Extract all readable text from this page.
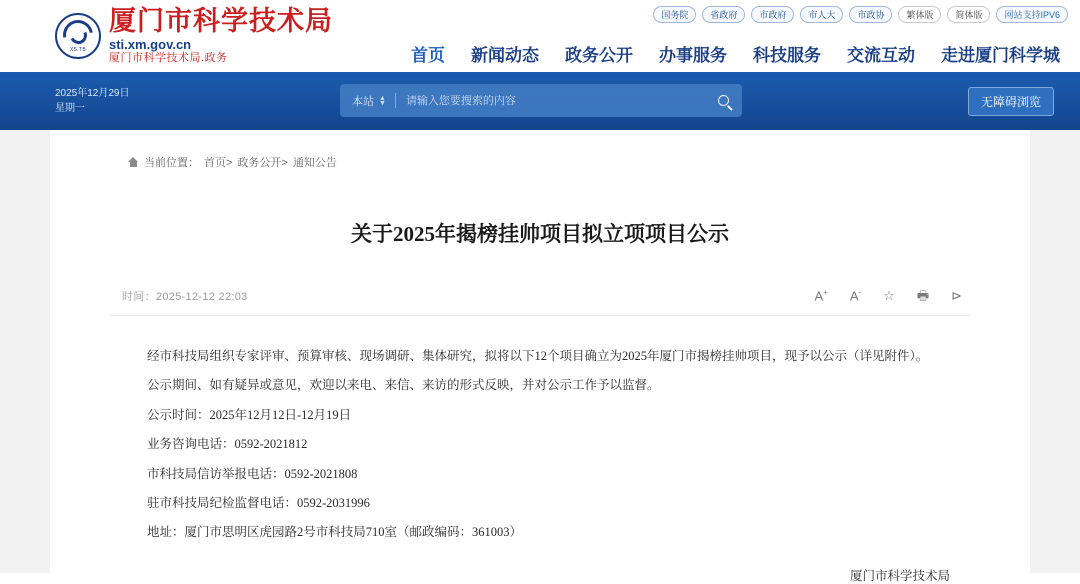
XS.TB
厦门市科学技术局
sti.xm.gov.cn
厦门市科学技术局.政务
国务院	省政府	市政府	市人大	市政协	繁体版	简体版	网站支持IPV6
首页 新闻动态 政务公开 办事服务 科技服务 交流互动 走进厦门科学城
2025年12月29日
星期一
本站 ▲
▼
请输入您要搜索的内容	无障碍浏览
当前位置： 首页> 政务公开> 通知公告
关于2025年揭榜挂帅项目拟立项项目公示
时间：2025-12-12 22:03	A+ A- ☆ 🖶 ⊳

经市科技局组织专家评审、预算审核、现场调研、集体研究，拟将以下12个项目确立为2025年厦门市揭榜挂帅项目，现予以公示（详见附件）。

公示期间、如有疑异或意见，欢迎以来电、来信、来访的形式反映，并对公示工作予以监督。

公示时间：2025年12月12日-12月19日

业务咨询电话：0592-2021812

市科技局信访举报电话：0592-2021808

驻市科技局纪检监督电话：0592-2031996

地址：厦门市思明区虎园路2号市科技局710室（邮政编码：361003）

厦门市科学技术局
